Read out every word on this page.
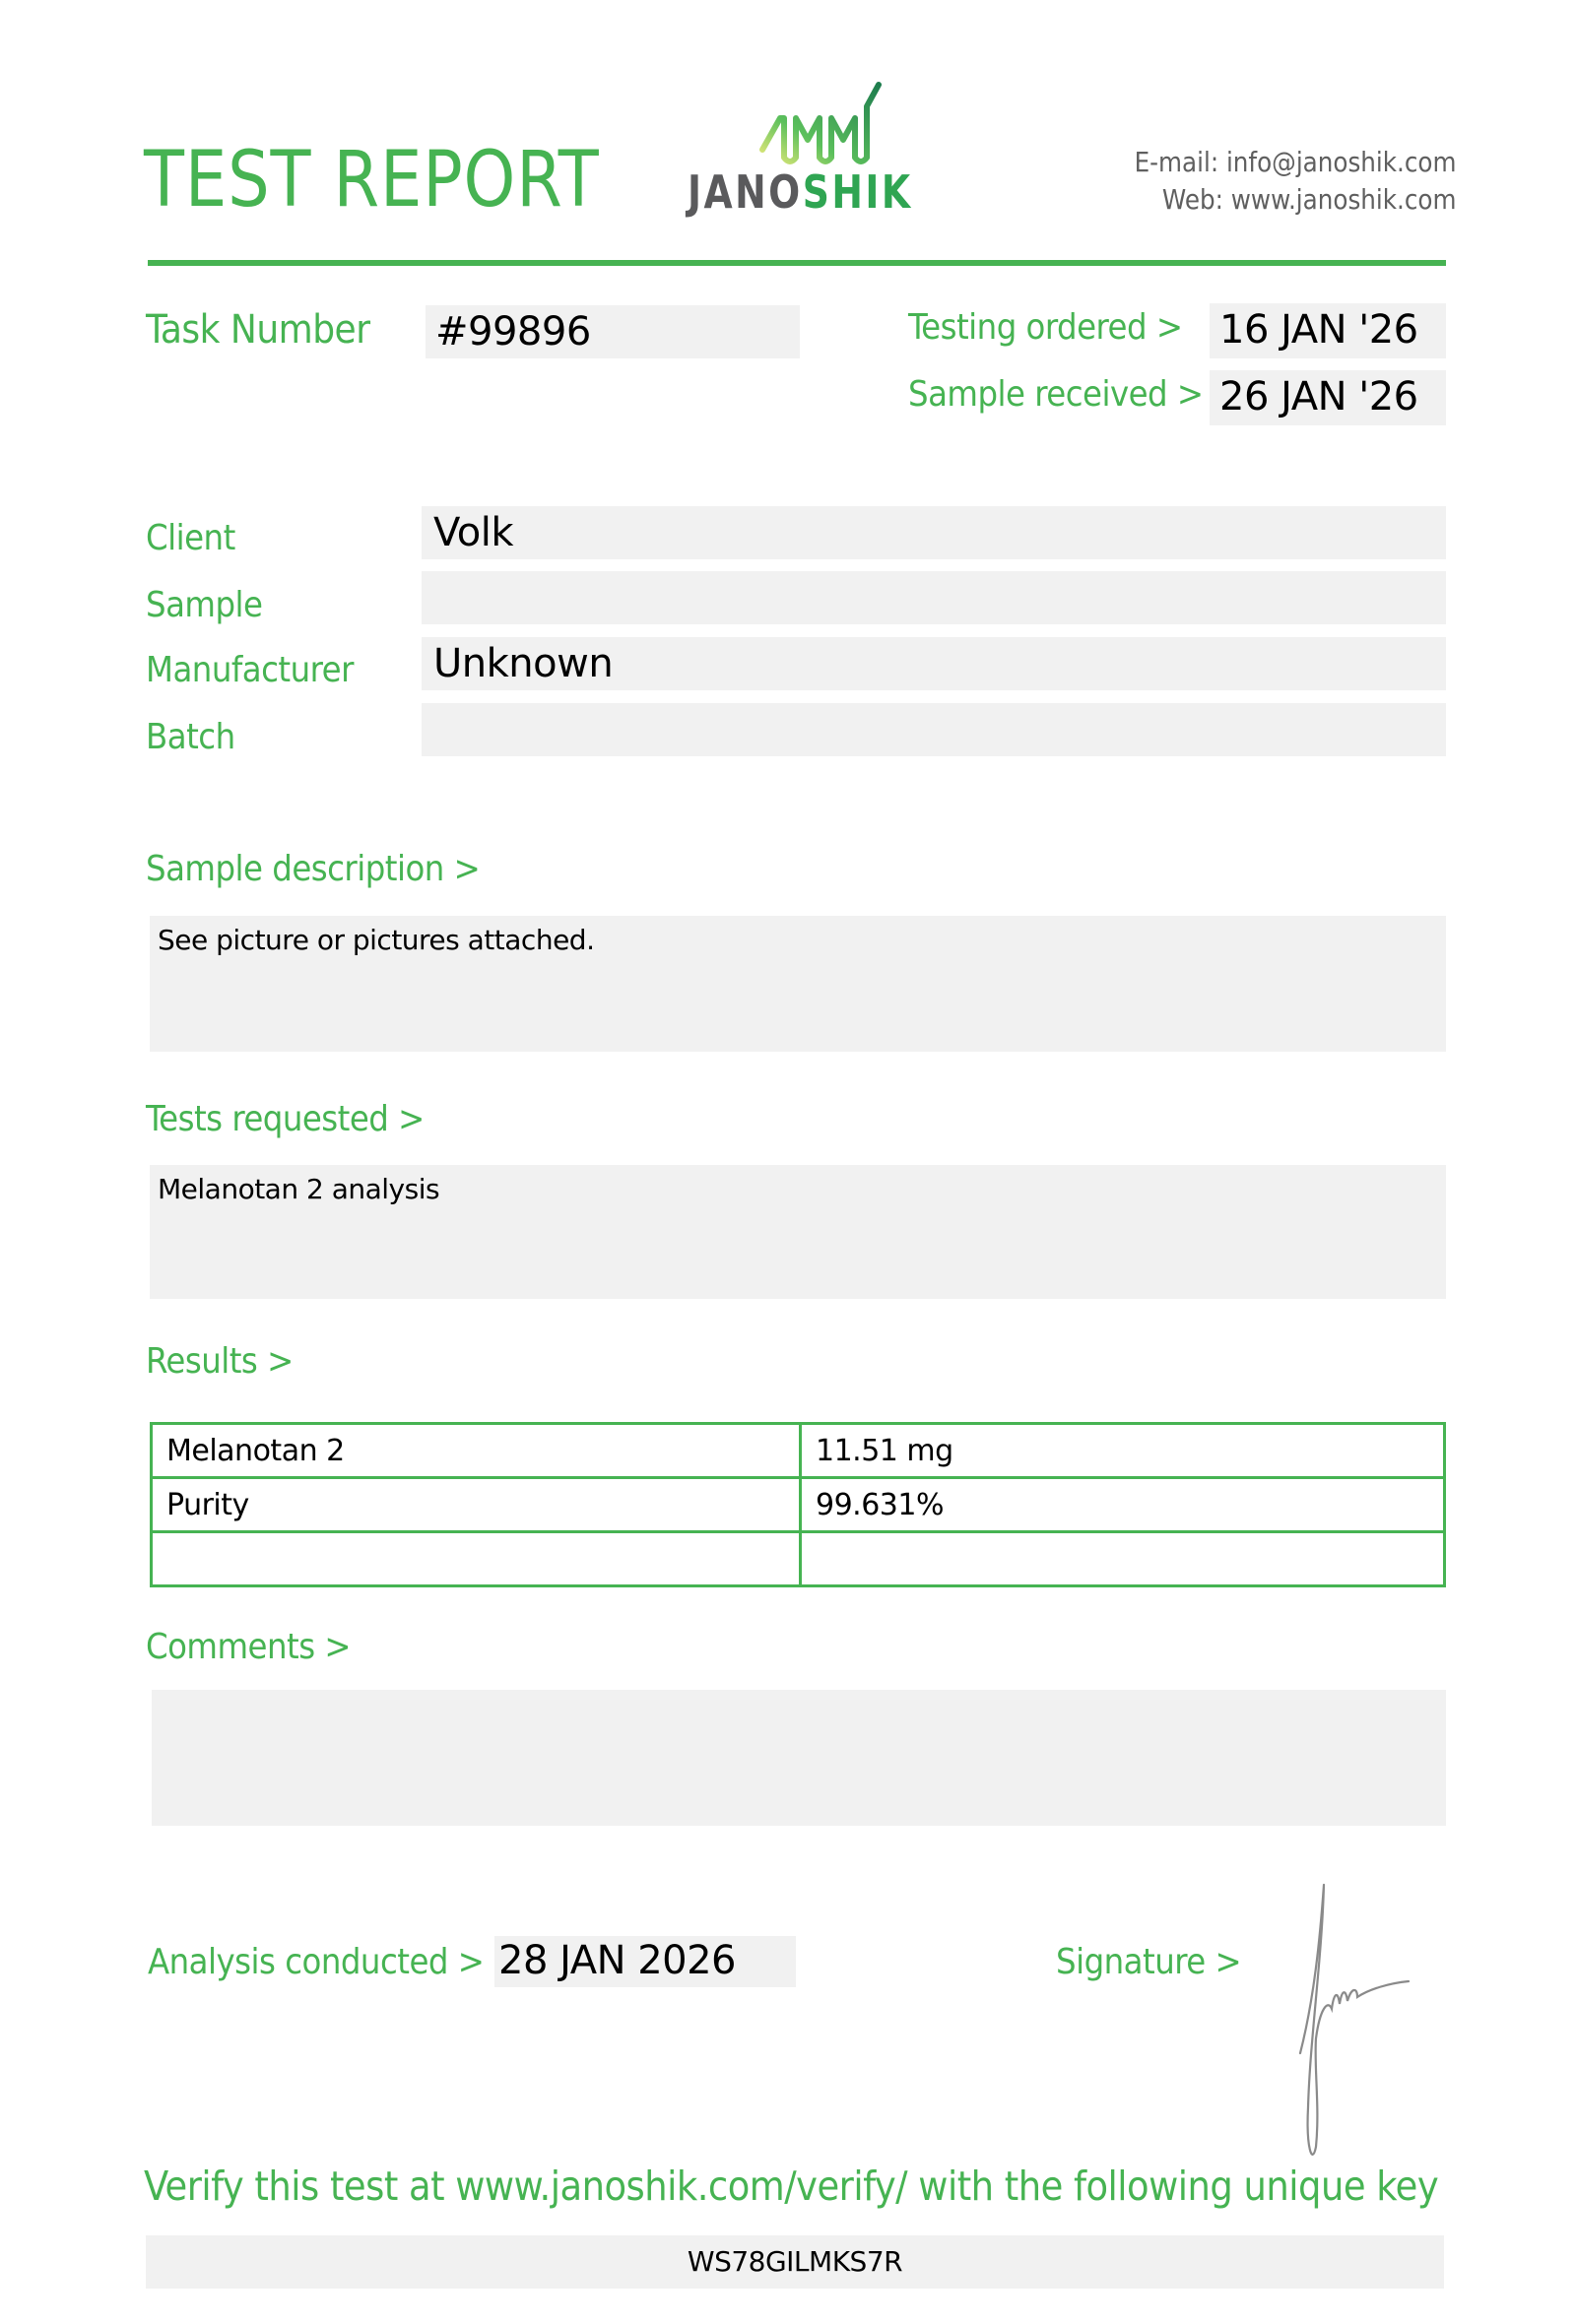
TEST REPORT JANOSHIK
E-mail: info@janoshik.com
Web: www.janoshik.com
Task Number #99896	Testing ordered > 16 JAN '26
Sample received > 26 JAN '26
Client	Volk
Sample
Manufacturer Unknown
Batch
Sample description >
See picture or pictures attached.
Tests requested >
Melanotan 2 analysis
Results >
Melanotan 2	11.51 mg
Purity	99.631%

Comments >
Analysis conducted > 28 JAN 2026	Signature >
Verify this test at www.janoshik.com/verify/ with the following unique key
WS78GILMKS7R
